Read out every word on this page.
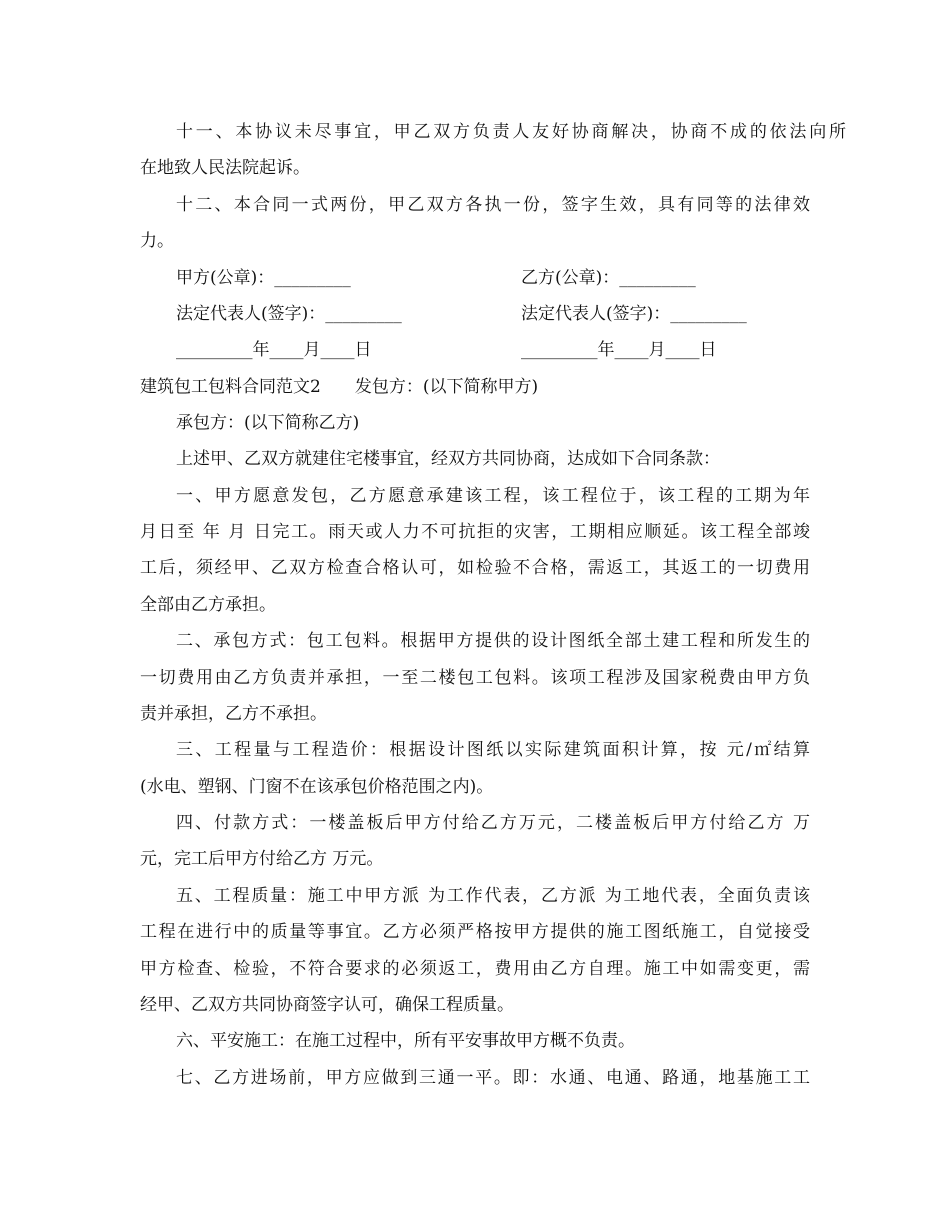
十一、本协议未尽事宜，甲乙双方负责人友好协商解决，协商不成的依法向所
在地致人民法院起诉。
十二、本合同一式两份，甲乙双方各执一份，签字生效，具有同等的法律效
力。
甲方(公章)：_________	乙方(公章)：_________
法定代表人(签字)：_________	法定代表人(签字)：_________
_________年____月____日	_________年____月____日
建筑包工包料合同范文2　　发包方：(以下简称甲方)
承包方：(以下简称乙方)
上述甲、乙双方就建住宅楼事宜，经双方共同协商，达成如下合同条款：
一、甲方愿意发包，乙方愿意承建该工程，该工程位于，该工程的工期为年
月日至 年 月 日完工。雨天或人力不可抗拒的灾害，工期相应顺延。该工程全部竣
工后，须经甲、乙双方检查合格认可，如检验不合格，需返工，其返工的一切费用
全部由乙方承担。
二、承包方式：包工包料。根据甲方提供的设计图纸全部土建工程和所发生的
一切费用由乙方负责并承担，一至二楼包工包料。该项工程涉及国家税费由甲方负
责并承担，乙方不承担。
三、工程量与工程造价：根据设计图纸以实际建筑面积计算，按 元/㎡结算
(水电、塑钢、门窗不在该承包价格范围之内)。
四、付款方式：一楼盖板后甲方付给乙方万元，二楼盖板后甲方付给乙方 万
元，完工后甲方付给乙方 万元。
五、工程质量：施工中甲方派 为工作代表，乙方派 为工地代表，全面负责该
工程在进行中的质量等事宜。乙方必须严格按甲方提供的施工图纸施工，自觉接受
甲方检查、检验，不符合要求的必须返工，费用由乙方自理。施工中如需变更，需
经甲、乙双方共同协商签字认可，确保工程质量。
六、平安施工：在施工过程中，所有平安事故甲方概不负责。
七、乙方进场前，甲方应做到三通一平。即：水通、电通、路通，地基施工工
